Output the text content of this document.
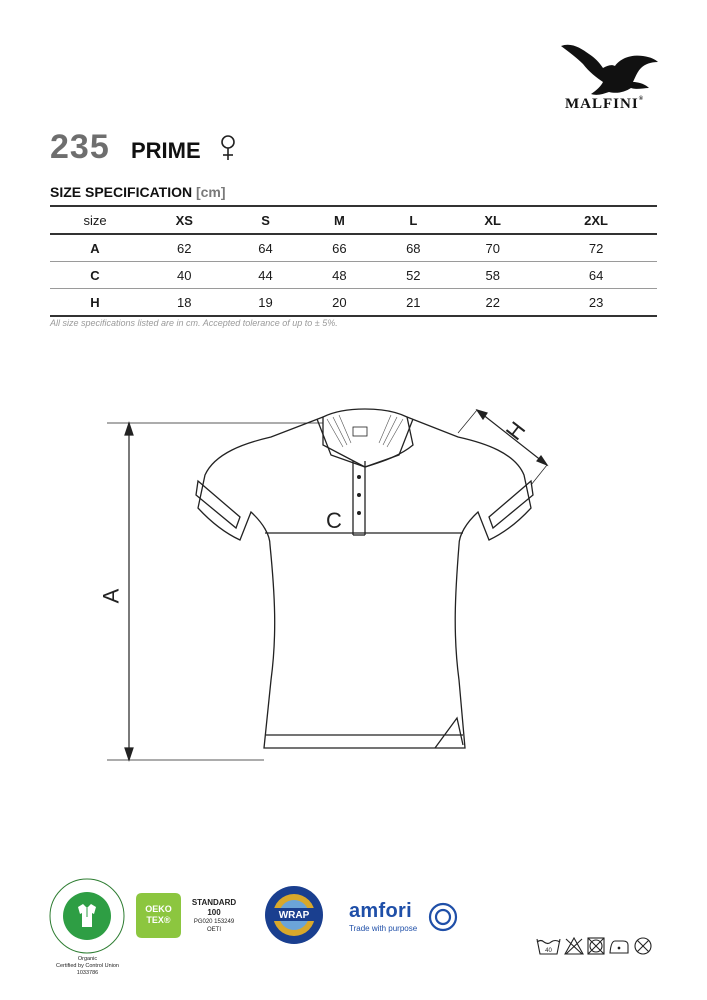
MALFINI®
235 PRIME
SIZE SPECIFICATION [cm]
size	XS	S	M	L	XL	2XL
A	62	64	66	68	70	72
C	40	44	48	52	58	64
H	18	19	20	21	22	23
All size specifications listed are in cm. Accepted tolerance of up to ± 5%.
A
C
H
Organic
Certified by Control Union
1033786
OEKO
TEX®
STANDARD
100
PG020 153249
OETI
WRAP amfori
Trade with purpose
40
